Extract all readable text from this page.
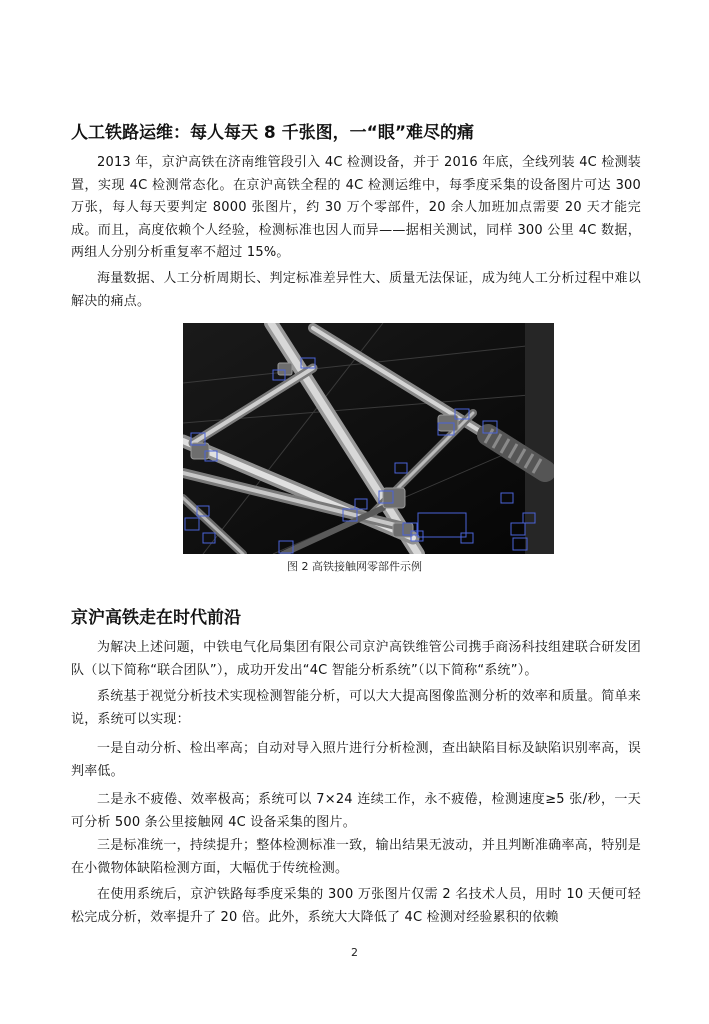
人工铁路运维：每人每天 8 千张图，一“眼”难尽的痛

2013 年，京沪高铁在济南维管段引入 4C 检测设备，并于 2016 年底，全线列装 4C 检测装置，实现 4C 检测常态化。在京沪高铁全程的 4C 检测运维中，每季度采集的设备图片可达 300 万张，每人每天要判定 8000 张图片，约 30 万个零部件，20 余人加班加点需要 20 天才能完成。而且，高度依赖个人经验，检测标准也因人而异——据相关测试，同样 300 公里 4C 数据，两组人分别分析重复率不超过 15%。

海量数据、人工分析周期长、判定标准差异性大、质量无法保证，成为纯人工分析过程中难以解决的痛点。

图 2 高铁接触网零部件示例
京沪高铁走在时代前沿

为解决上述问题，中铁电气化局集团有限公司京沪高铁维管公司携手商汤科技组建联合研发团队（以下简称“联合团队”），成功开发出“4C 智能分析系统”（以下简称“系统”）。

系统基于视觉分析技术实现检测智能分析，可以大大提高图像监测分析的效率和质量。简单来说，系统可以实现：

一是自动分析、检出率高；自动对导入照片进行分析检测，查出缺陷目标及缺陷识别率高，误判率低。

二是永不疲倦、效率极高；系统可以 7×24 连续工作，永不疲倦，检测速度≥5 张/秒，一天可分析 500 条公里接触网 4C 设备采集的图片。

三是标准统一，持续提升；整体检测标准一致，输出结果无波动，并且判断准确率高，特别是在小微物体缺陷检测方面，大幅优于传统检测。

在使用系统后，京沪铁路每季度采集的 300 万张图片仅需 2 名技术人员，用时 10 天便可轻松完成分析，效率提升了 20 倍。此外，系统大大降低了 4C 检测对经验累积的依赖

2
